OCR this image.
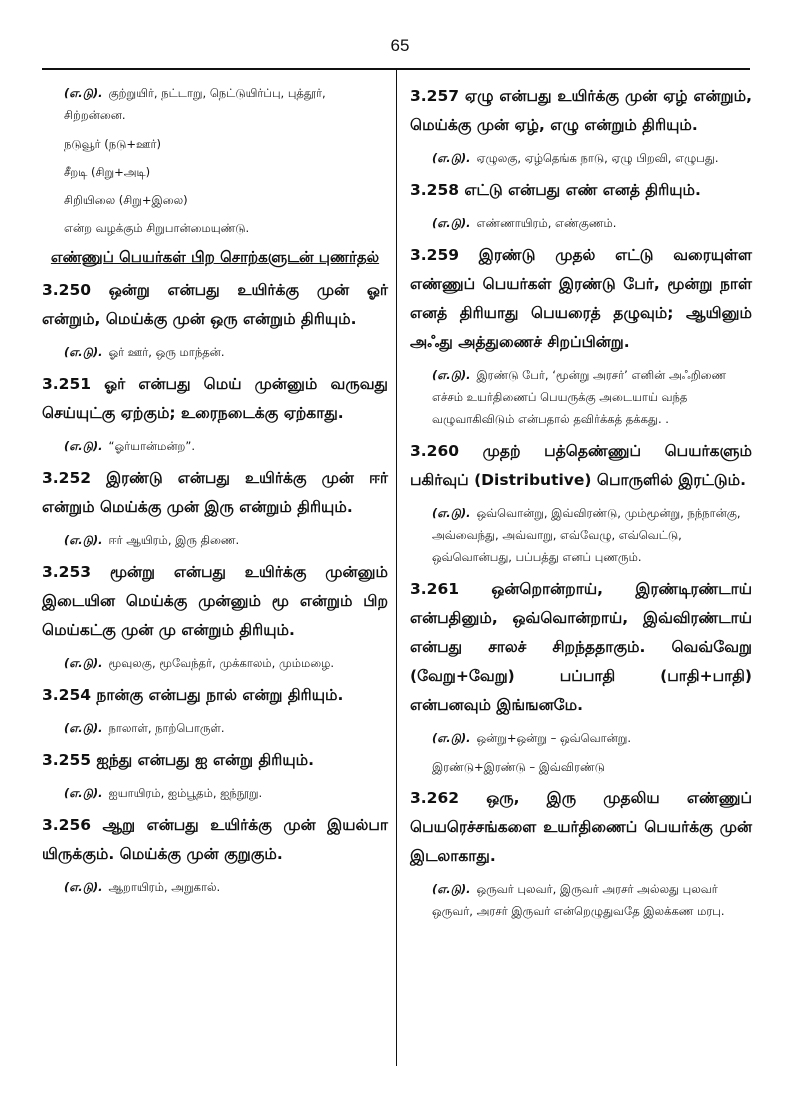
65

(எ.டு). குற்றுயிர், நட்டாறு, நெட்டுயிர்ப்பு, புத்தூர், சிற்றன்னை.

நடுவூர் (நடு+ஊர்)

சீறடி (சிறு+அடி)

சிறியிலை (சிறு+இலை)

என்ற வழக்கும் சிறுபான்மையுண்டு.

எண்ணுப் பெயர்கள் பிற சொற்களுடன் புணர்தல்

3.250 ஒன்று என்பது உயிர்க்கு முன் ஓர் என்றும், மெய்க்கு முன் ஒரு என்றும் திரியும்.

(எ.டு). ஓர் ஊர், ஒரு மாந்தன்.

3.251 ஓர் என்பது மெய் முன்னும் வருவது செய்யுட்கு ஏற்கும்; உரைநடைக்கு ஏற்காது.

(எ.டு). “ஓர்யான்மன்ற”.

3.252 இரண்டு என்பது உயிர்க்கு முன் ஈர் என்றும் மெய்க்கு முன் இரு என்றும் திரியும்.

(எ.டு). ஈர் ஆயிரம், இரு திணை.

3.253 மூன்று என்பது உயிர்க்கு முன்னும் இடையின மெய்க்கு முன்னும் மூ என்றும் பிற மெய்கட்கு முன் மு என்றும் திரியும்.

(எ.டு). மூவுலகு, மூவேந்தர், முக்காலம், மும்மழை.

3.254 நான்கு என்பது நால் என்று திரியும்.

(எ.டு). நாலாள், நாற்பொருள்.

3.255 ஐந்து என்பது ஐ என்று திரியும்.

(எ.டு). ஐயாயிரம், ஐம்பூதம், ஐந்நூறு.

3.256 ஆறு என்பது உயிர்க்கு முன் இயல்பா யிருக்கும். மெய்க்கு முன் குறுகும்.

(எ.டு). ஆறாயிரம், அறுகால்.

3.257 ஏழு என்பது உயிர்க்கு முன் ஏழ் என்றும், மெய்க்கு முன் ஏழ், எழு என்றும் திரியும்.

(எ.டு). ஏழுலகு, ஏழ்தெங்க நாடு, ஏழு பிறவி, எழுபது.

3.258 எட்டு என்பது எண் எனத் திரியும்.

(எ.டு). எண்ணாயிரம், எண்குணம்.

3.259 இரண்டு முதல் எட்டு வரையுள்ள எண்ணுப் பெயர்கள் இரண்டு பேர், மூன்று நாள் எனத் திரியாது பெயரைத் தழுவும்; ஆயினும் அஃது அத்துணைச் சிறப்பின்று.

(எ.டு). இரண்டு பேர், ‘மூன்று அரசர்’ எனின் அஃறிணை எச்சம் உயர்திணைப் பெயருக்கு அடையாய் வந்த வழுவாகிவிடும் என்பதால் தவிர்க்கத் தக்கது. .

3.260 முதற் பத்தெண்ணுப் பெயர்களும் பகிர்வுப் (Distributive) பொருளில் இரட்டும்.

(எ.டு). ஒவ்வொன்று, இவ்விரண்டு, மும்மூன்று, நந்நான்கு, அவ்வைந்து, அவ்வாறு, எவ்வேழு, எவ்வெட்டு, ஒவ்வொன்பது, பப்பத்து எனப் புணரும்.

3.261 ஒன்றொன்றாய், இரண்டிரண்டாய் என்பதினும், ஒவ்வொன்றாய், இவ்விரண்டாய் என்பது சாலச் சிறந்ததாகும். வெவ்வேறு (வேறு+வேறு) பப்பாதி (பாதி+பாதி) என்பனவும் இங்ஙனமே.

(எ.டு). ஒன்று+ஒன்று – ஒவ்வொன்று.

இரண்டு+இரண்டு – இவ்விரண்டு

3.262 ஒரு, இரு முதலிய எண்ணுப் பெயரெச்சங்களை உயர்திணைப் பெயர்க்கு முன் இடலாகாது.

(எ.டு). ஒருவர் புலவர், இருவர் அரசர் அல்லது புலவர் ஒருவர், அரசர் இருவர் என்றெழுதுவதே இலக்கண மரபு.
